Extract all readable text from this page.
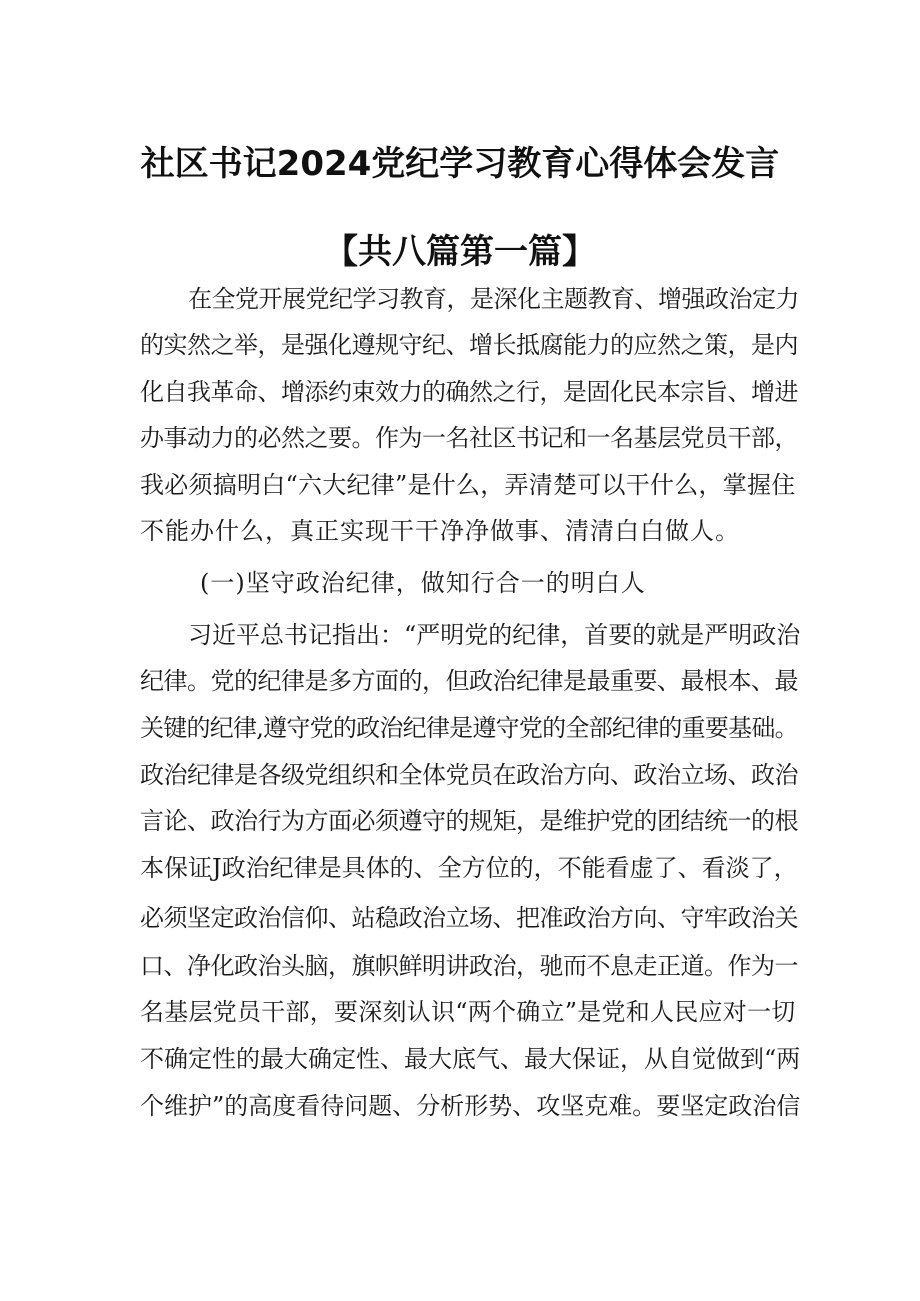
社区书记2024党纪学习教育心得体会发言
【共八篇第一篇】
在全党开展党纪学习教育，是深化主题教育、增强政治定力
的实然之举，是强化遵规守纪、增长抵腐能力的应然之策，是内
化自我革命、增添约束效力的确然之行，是固化民本宗旨、增进
办事动力的必然之要。作为一名社区书记和一名基层党员干部，
我必须搞明白“六大纪律”是什么，弄清楚可以干什么，掌握住
不能办什么，真正实现干干净净做事、清清白白做人。
(一)坚守政治纪律，做知行合一的明白人
习近平总书记指出：“严明党的纪律，首要的就是严明政治
纪律。党的纪律是多方面的，但政治纪律是最重要、最根本、最
关键的纪律,遵守党的政治纪律是遵守党的全部纪律的重要基础。
政治纪律是各级党组织和全体党员在政治方向、政治立场、政治
言论、政治行为方面必须遵守的规矩，是维护党的团结统一的根
本保证J政治纪律是具体的、全方位的，不能看虚了、看淡了，
必须坚定政治信仰、站稳政治立场、把准政治方向、守牢政治关
口、净化政治头脑，旗帜鲜明讲政治，驰而不息走正道。作为一
名基层党员干部，要深刻认识“两个确立”是党和人民应对一切
不确定性的最大确定性、最大底气、最大保证，从自觉做到“两
个维护”的高度看待问题、分析形势、攻坚克难。要坚定政治信
